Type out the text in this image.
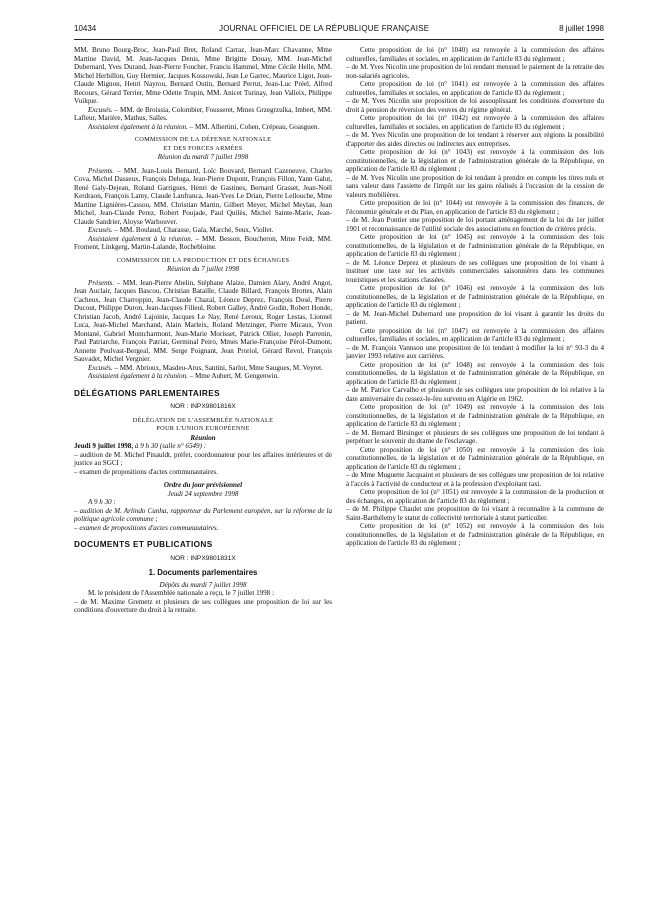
10434	JOURNAL OFFICIEL DE LA RÉPUBLIQUE FRANÇAISE	8 juillet 1998

MM. Bruno Bourg-Broc, Jean-Paul Bret, Roland Carraz, Jean-Marc Chavanne, Mme Martine David, M. Jean-Jacques Denis, Mme Brigitte Douay, MM. Jean-Michel Dubernard, Yves Durand, Jean-Pierre Foucher, Francis Hammel, Mme Cécile Helle, MM. Michel Herbillon, Guy Hermier, Jacques Kossowski, Jean Le Garrec, Maurice Ligot, Jean-Claude Mignon, Henri Nayrou, Bernard Outin, Bernard Perrut, Jean-Luc Préel, Alfred Recours, Gérard Terrier, Mme Odette Trupin, MM. Anicet Turinay, Jean Valleix, Philippe Vuilque.

Excusés. – MM. de Broissia, Colombier, Fousseret, Mmes Grzegrzulka, Imbert, MM. Lafleur, Marière, Mathus, Salles.

Assistaient également à la réunion. – MM. Albertini, Cohen, Crépeau, Goasguen.

COMMISSION DE LA DÉFENSE NATIONALE

ET DES FORCES ARMÉES

Réunion du mardi 7 juillet 1998

Présents. – MM. Jean-Louis Bernard, Loïc Bouvard, Bernard Cazeneuve, Charles Cova, Michel Dasseux, François Deluga, Jean-Pierre Dupont, François Fillon, Yann Galut, René Galy-Dejean, Roland Garrigues, Henri de Gastines, Bernard Grasset, Jean-Noël Kerdraon, François Lamy, Claude Lanfranca, Jean-Yves Le Drian, Pierre Lellouche, Mme Martine Lignières-Cassou, MM. Christian Martin, Gilbert Meyer, Michel Meylan, Jean Michel, Jean-Claude Perez, Robert Poujade, Paul Quilès, Michel Sainte-Marie, Jean-Claude Sandrier, Aloyse Warhouver.

Excusés. – MM. Boulaud, Charasse, Gaïa, Marché, Seux, Viollet.

Assistaient également à la réunion. – MM. Besson, Boucheron, Mme Feidt, MM. Froment, Linkgerg, Martin-Lalande, Rochebloine.

COMMISSION DE LA PRODUCTION ET DES ÉCHANGES

Réunion du 7 juillet 1998

Présents. – MM. Jean-Pierre Abelin, Stéphane Alaize, Damien Alary, André Angot, Jean Auclair, Jacques Bascou, Christian Bataille, Claude Billard, François Brottes, Alain Cacheux, Jean Charroppin, Jean-Claude Chazal, Léonce Deprez, François Dosé, Pierre Ducout, Philippe Duron, Jean-Jacques Filleul, Robert Galley, André Godin, Robert Honde, Christian Jacob, André Lajoinie, Jacques Le Nay, René Leroux, Roger Lestas, Lionnel Luca, Jean-Michel Marchand, Alain Marleix, Roland Metzinger, Pierre Micaux, Yvon Montané, Gabriel Montcharmont, Jean-Marie Morisset, Patrick Ollier, Joseph Parrenin, Paul Patriarche, François Patriat, Germinal Peiro, Mmes Marie-Françoise Pérol-Dumont, Annette Peulvast-Bergeal, MM. Serge Poignant, Jean Proriol, Gérard Revol, François Sauvadet, Michel Vergnier.

Excusés. – MM. Abrioux, Masdeu-Arus, Santini, Sarlot, Mme Saugues, M. Veyret.

Assistaient également à la réunion. – Mme Aubert, M. Gengenwin.

DÉLÉGATIONS PARLEMENTAIRES

NOR : INPX9801816X

DÉLÉGATION DE L'ASSEMBLÉE NATIONALE

POUR L'UNION EUROPÉENNE

Réunion

Jeudi 9 juillet 1998, à 9 h 30 (salle n° 6549) :

– audition de M. Michel Pinauldt, préfet, coordonnateur pour les affaires intérieures et de justice au SGCI ;

– examen de propositions d'actes communautaires.

Ordre du jour prévisionnel

Jeudi 24 septembre 1998

A 9 h 30 :

– audition de M. Arlindo Cunha, rapporteur du Parlement européen, sur la réforme de la politique agricole commune ;

– examen de propositions d'actes communautaires.

DOCUMENTS ET PUBLICATIONS

NOR : INPX9801831X

1. Documents parlementaires

Dépôts du mardi 7 juillet 1998

M. le président de l'Assemblée nationale a reçu, le 7 juillet 1998 :

– de M. Maxime Gremetz et plusieurs de ses collègues une proposition de loi sur les conditions d'ouverture du droit à la retraite.

Cette proposition de loi (n° 1040) est renvoyée à la commission des affaires culturelles, familiales et sociales, en application de l'article 83 du règlement ;

– de M. Yves Nicolin une proposition de loi rendant mensuel le paiement de la retraite des non-salariés agricoles.

Cette proposition de loi (n° 1041) est renvoyée à la commission des affaires culturelles, familiales et sociales, en application de l'article 83 du règlement ;

– de M. Yves Nicolin une proposition de loi assouplissant les conditions d'ouverture du droit à pension de réversion des veuves du régime général.

Cette proposition de loi (n° 1042) est renvoyée à la commission des affaires culturelles, familiales et sociales, en application de l'article 83 du règlement ;

– de M. Yves Nicolin une proposition de loi tendant à réserver aux régions la possibilité d'apporter des aides directes ou indirectes aux entreprises.

Cette proposition de loi (n° 1043) est renvoyée à la commission des lois constitutionnelles, de la législation et de l'administration générale de la République, en application de l'article 83 du règlement ;

– de M. Yves Nicolin une proposition de loi tendant à prendre en compte les titres nuls et sans valeur dans l'assiette de l'impôt sur les gains réalisés à l'occasion de la cession de valeurs mobilières.

Cette proposition de loi (n° 1044) est renvoyée à la commission des finances, de l'économie générale et du Plan, en application de l'article 83 du règlement ;

– de M. Jean Pontier une proposition de loi portant aménagement de la loi du 1er juillet 1901 et reconnaissance de l'utilité sociale des associations en fonction de critères précis.

Cette proposition de loi (n° 1045) est renvoyée à la commission des lois constitutionnelles, de la législation et de l'administration générale de la République, en application de l'article 83 du règlement ;

– de M. Léonce Deprez et plusieurs de ses collègues une proposition de loi visant à instituer une taxe sur les activités commerciales saisonnières dans les communes touristiques et les stations classées.

Cette proposition de loi (n° 1046) est renvoyée à la commission des lois constitutionnelles, de la législation et de l'administration générale de la République, en application de l'article 83 du règlement ;

– de M. Jean-Michel Dubernard une proposition de loi visant à garantir les droits du patient.

Cette proposition de loi (n° 1047) est renvoyée à la commission des affaires culturelles, familiales et sociales, en application de l'article 83 du règlement ;

– de M. François Vannson une proposition de loi tendant à modifier la loi n° 93-3 du 4 janvier 1993 relative aux carrières.

Cette proposition de loi (n° 1048) est renvoyée à la commission des lois constitutionnelles, de la législation et de l'administration générale de la République, en application de l'article 83 du règlement ;

– de M. Patrice Carvalho et plusieurs de ses collègues une proposition de loi relative à la date anniversaire du cessez-le-feu survenu en Algérie en 1962.

Cette proposition de loi (n° 1049) est renvoyée à la commission des lois constitutionnelles, de la législation et de l'administration générale de la République, en application de l'article 83 du règlement ;

– de M. Bernard Birsinger et plusieurs de ses collègues une proposition de loi tendant à perpétuer le souvenir du drame de l'esclavage.

Cette proposition de loi (n° 1050) est renvoyée à la commission des lois constitutionnelles, de la législation et de l'administration générale de la République, en application de l'article 83 du règlement ;

– de Mme Muguette Jacquaint et plusieurs de ses collègues une proposition de loi relative à l'accès à l'activité de conducteur et à la profession d'exploitant taxi.

Cette proposition de loi (n° 1051) est renvoyée à la commission de la production et des échanges, en application de l'article 83 du règlement ;

– de M. Philippe Chaulet une proposition de loi visant à reconnaître à la commune de Saint-Barthélemy le statut de collectivité territoriale à statut particulier.

Cette proposition de loi (n° 1052) est renvoyée à la commission des lois constitutionnelles, de la législation et de l'administration générale de la République, en application de l'article 83 du règlement ;
